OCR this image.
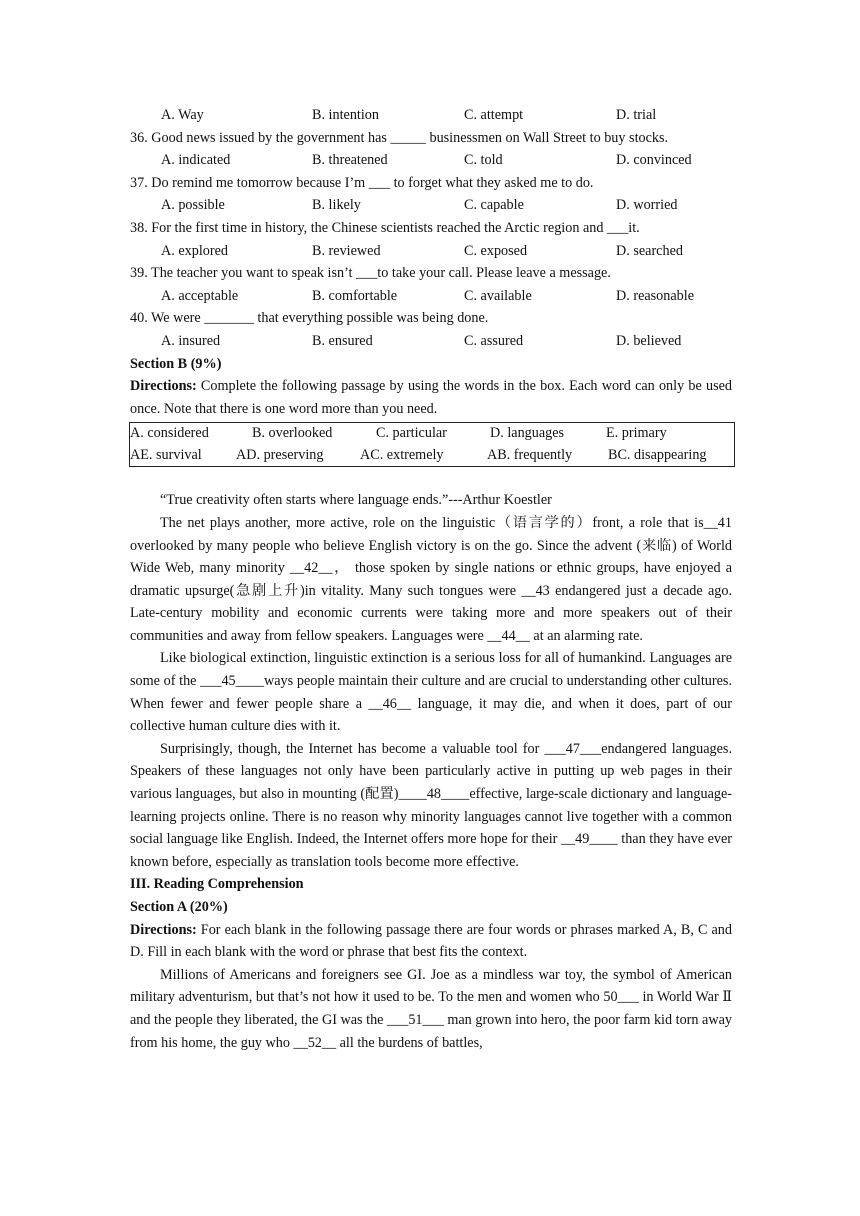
A. Way	B. intention	C. attempt	D. trial
36. Good news issued by the government has _____ businessmen on Wall Street to buy stocks.
A. indicated	B. threatened	C. told	D. convinced
37. Do remind me tomorrow because I’m ___ to forget what they asked me to do.
A. possible	B. likely	C. capable	D. worried
38. For the first time in history, the Chinese scientists reached the Arctic region and ___it.
A. explored	B. reviewed	C. exposed	D. searched
39. The teacher you want to speak isn’t ___to take your call. Please leave a message.
A. acceptable	B. comfortable	C. available	D. reasonable
40. We were _______ that everything possible was being done.
A. insured	B. ensured	C. assured	D. believed
Section B (9%)
Directions: Complete the following passage by using the words in the box. Each word can only be used once. Note that there is one word more than you need.
A. considered	B. overlooked	C. particular	D. languages	E. primary
AE. survival AD. preserving	AC. extremely	AB. frequently	BC. disappearing
“True creativity often starts where language ends.”---Arthur Koestler
The net plays another, more active, role on the linguistic（语言学的）front, a role that is__41 overlooked by many people who believe English victory is on the go. Since the advent (来临) of World Wide Web, many minority __42__， those spoken by single nations or ethnic groups, have enjoyed a dramatic upsurge(急剧上升)in vitality. Many such tongues were __43 endangered just a decade ago. Late-century mobility and economic currents were taking more and more speakers out of their communities and away from fellow speakers. Languages were __44__ at an alarming rate.
Like biological extinction, linguistic extinction is a serious loss for all of humankind. Languages are some of the ___45____ways people maintain their culture and are crucial to understanding other cultures. When fewer and fewer people share a __46__ language, it may die, and when it does, part of our collective human culture dies with it.
Surprisingly, though, the Internet has become a valuable tool for ___47___endangered languages. Speakers of these languages not only have been particularly active in putting up web pages in their various languages, but also in mounting (配置)____48____effective, large-scale dictionary and language-learning projects online. There is no reason why minority languages cannot live together with a common social language like English. Indeed, the Internet offers more hope for their __49____ than they have ever known before, especially as translation tools become more effective.
III. Reading Comprehension
Section A (20%)
Directions: For each blank in the following passage there are four words or phrases marked A, B, C and D. Fill in each blank with the word or phrase that best fits the context.
Millions of Americans and foreigners see GI. Joe as a mindless war toy, the symbol of American military adventurism, but that’s not how it used to be. To the men and women who 50___ in World War Ⅱ and the people they liberated, the GI was the ___51___ man grown into hero, the poor farm kid torn away from his home, the guy who __52__ all the burdens of battles,
